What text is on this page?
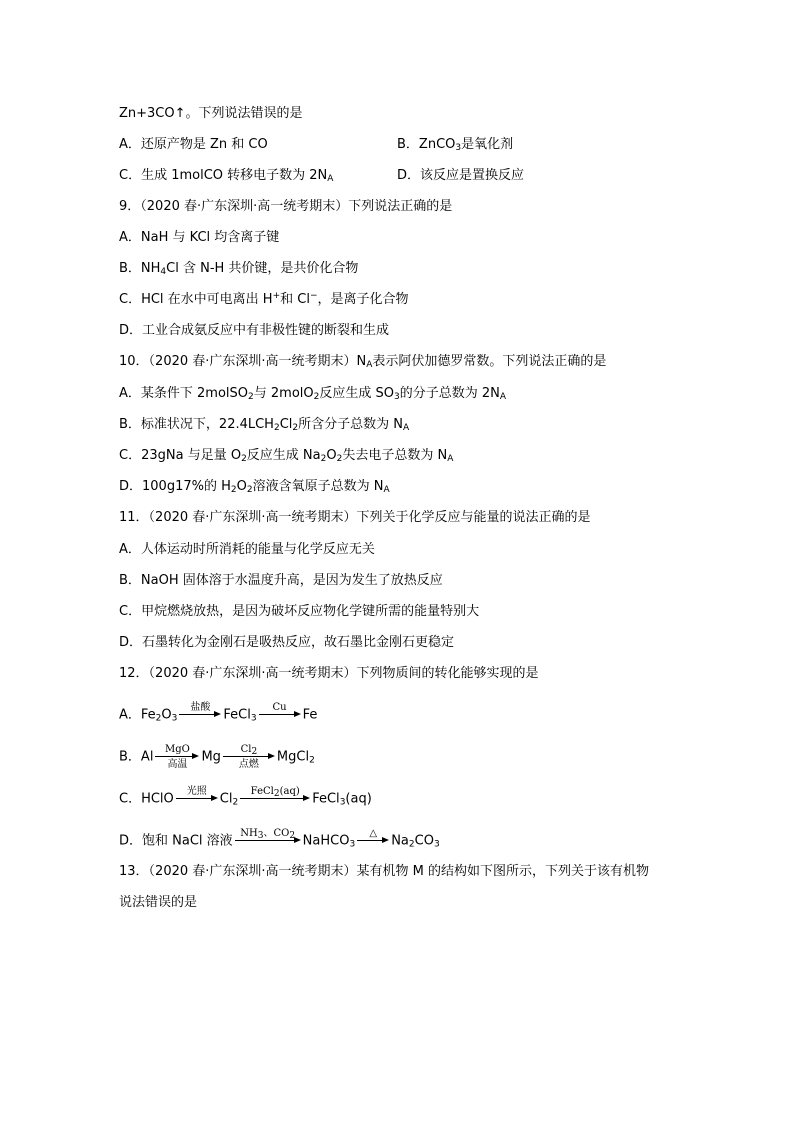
Zn+3CO↑。下列说法错误的是
A．还原产物是 Zn 和 CO	B．ZnCO$_3$是氧化剂
C．生成 1molCO 转移电子数为 $2N_A$	D．该反应是置换反应
9．（2020 春·广东深圳·高一统考期末）下列说法正确的是
A．NaH 与 KCl 均含离子键
B．$NH_4Cl$ 含 N-H 共价键，是共价化合物
C．HCl 在水中可电离出 H+和 Cl−，是离子化合物
D．工业合成氨反应中有非极性键的断裂和生成
10．（2020 春·广东深圳·高一统考期末）$N_A$表示阿伏加德罗常数。下列说法正确的是
A．某条件下 2molSO$_2$与 2molO$_2$反应生成 $SO_3$的分子总数为 $2N_A$
B．标准状况下，$22.4LCH_2Cl_2$所含分子总数为 $N_A$
C．23gNa 与足量 $O_2$反应生成 $Na_2O_2$失去电子总数为 $N_A$
D．100g17%的 $H_2O_2$溶液含氧原子总数为 $N_A$
11．（2020 春·广东深圳·高一统考期末）下列关于化学反应与能量的说法正确的是
A．人体运动时所消耗的能量与化学反应无关
B．NaOH 固体溶于水温度升高，是因为发生了放热反应
C．甲烷燃烧放热，是因为破坏反应物化学键所需的能量特别大
D．石墨转化为金刚石是吸热反应，故石墨比金刚石更稳定
12．（2020 春·广东深圳·高一统考期末）下列物质间的转化能够实现的是
A．$Fe_2O_3$
盐酸	FeCl$_3$
Cu	Fe
B．Al	MgO
高温	Mg	$Cl_2$
点燃	MgCl$_2$
C．HClO	光照	$Cl_2$
FeCl$_2$(aq) FeCl$_3$(aq)
D．饱和 NaCl 溶液 $NH_3$、$CO_2$ NaHCO$_3$
△	$Na_2CO_3$
13．（2020 春·广东深圳·高一统考期末）某有机物 M 的结构如下图所示，下列关于该有机物
说法错误的是
